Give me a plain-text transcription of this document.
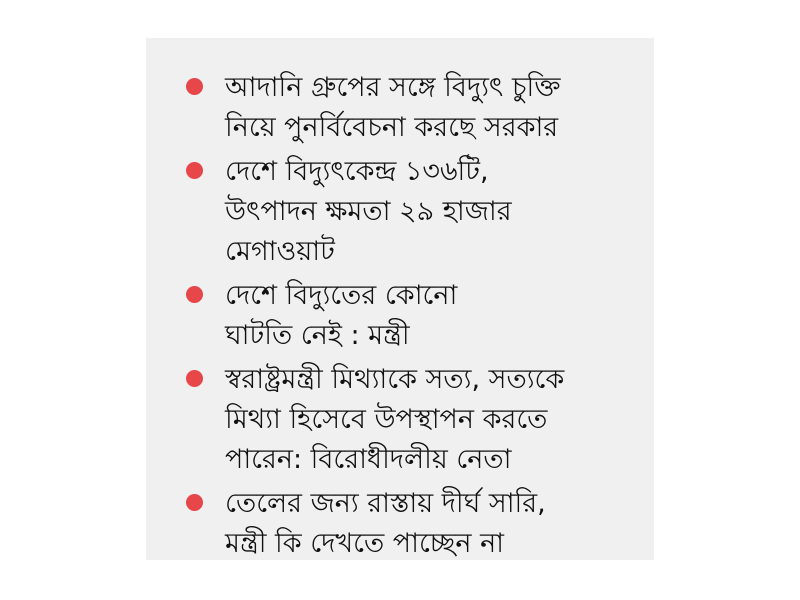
আদানি গ্রুপের সঙ্গে বিদ্যুৎ চুক্তি
নিয়ে পুনর্বিবেচনা করছে সরকার
দেশে বিদ্যুৎকেন্দ্র ১৩৬টি,
উৎপাদন ক্ষমতা ২৯ হাজার
মেগাওয়াট
দেশে বিদ্যুতের কোনো
ঘাটতি নেই : মন্ত্রী
স্বরাষ্ট্রমন্ত্রী মিথ্যাকে সত্য, সত্যকে
মিথ্যা হিসেবে উপস্থাপন করতে
পারেন: বিরোধীদলীয় নেতা
তেলের জন্য রাস্তায় দীর্ঘ সারি,
মন্ত্রী কি দেখতে পাচ্ছেন না
